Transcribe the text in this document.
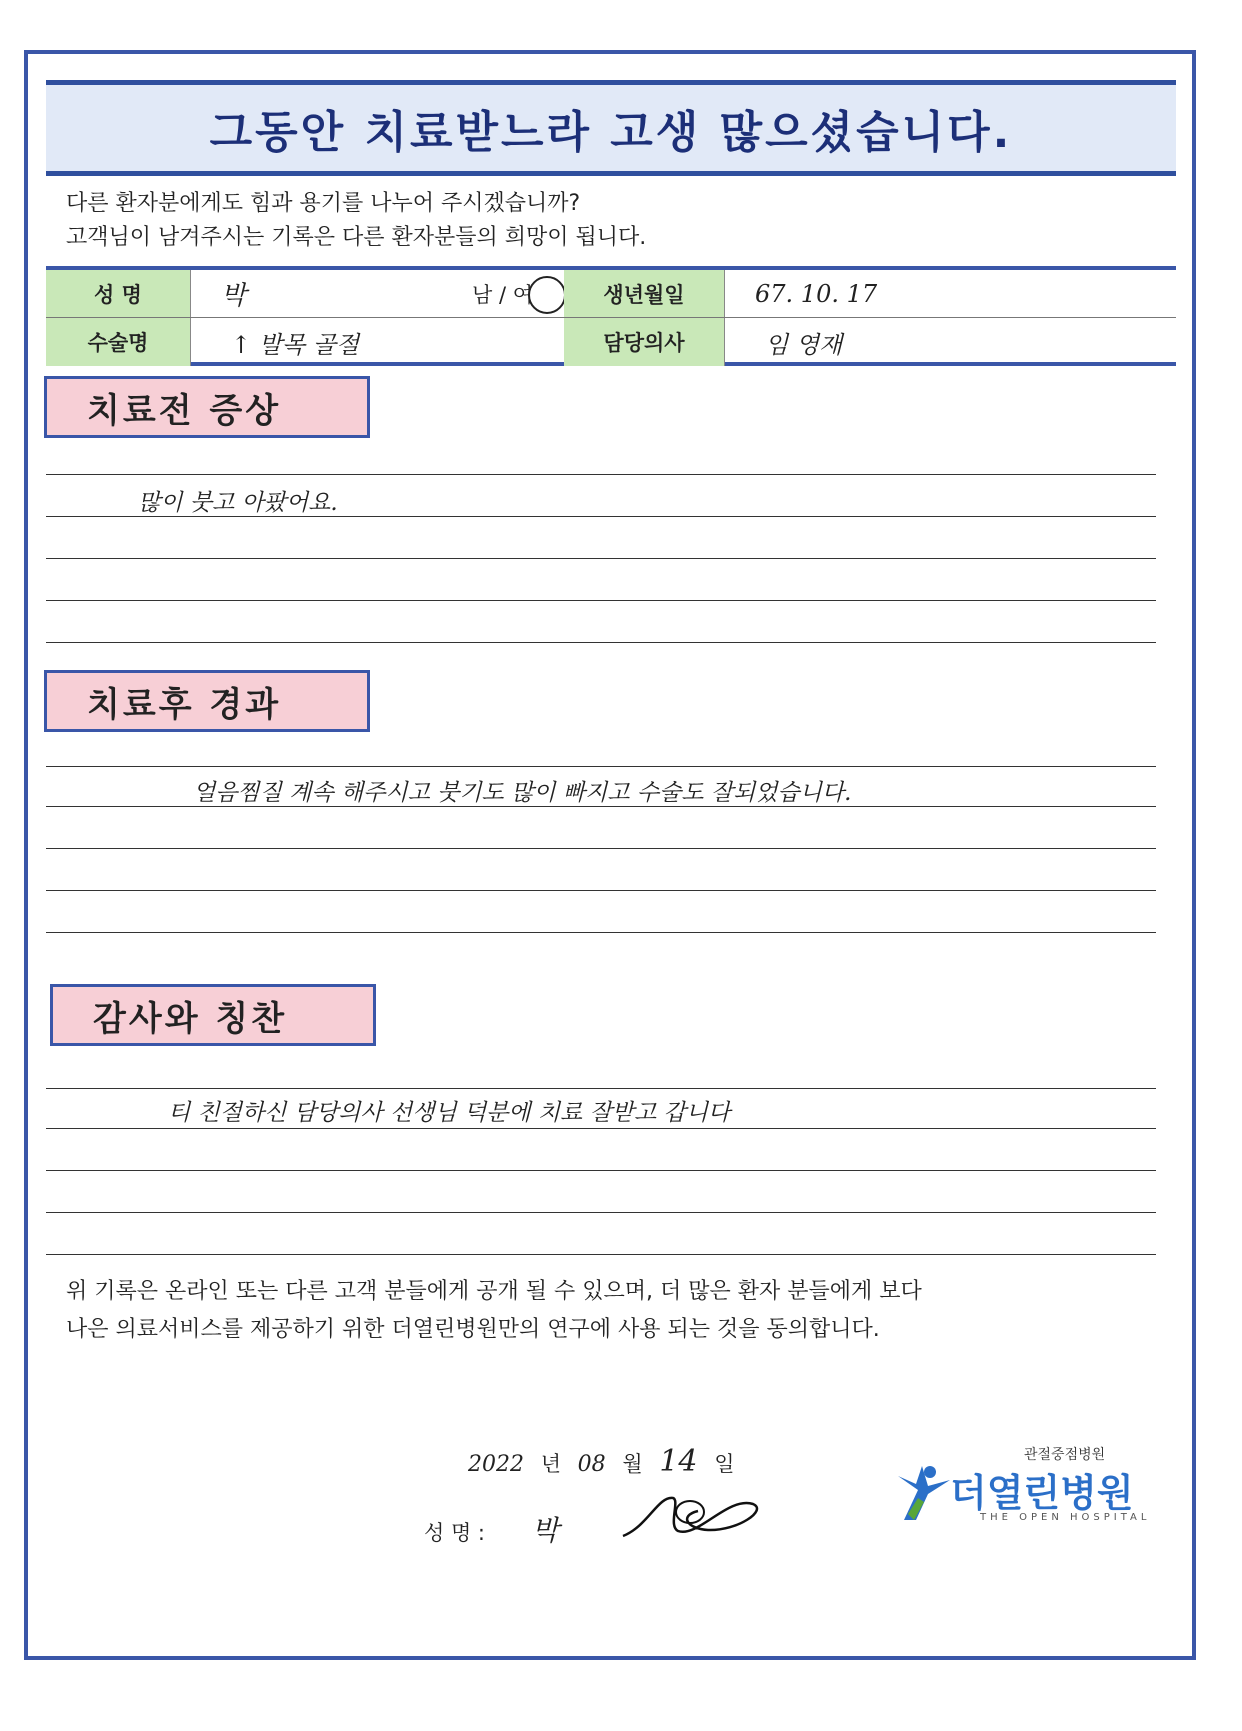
그동안 치료받느라 고생 많으셨습니다.
다른 환자분에게도 힘과 용기를 나누어 주시겠습니까?
고객님이 남겨주시는 기록은 다른 환자분들의 희망이 됩니다.
성 명	박	남 / 여	생년월일	67. 10. 17
수술명	↑ 발목 골절	담당의사	임 영재
치료전 증상
많이 붓고 아팠어요.
치료후 경과
얼음찜질 계속 해주시고 붓기도 많이 빠지고 수술도 잘되었습니다.
감사와 칭찬
티 친절하신 담당의사 선생님 덕분에 치료 잘받고 갑니다
위 기록은 온라인 또는 다른 고객 분들에게 공개 될 수 있으며, 더 많은 환자 분들에게 보다
나은 의료서비스를 제공하기 위한 더열린병원만의 연구에 사용 되는 것을 동의합니다.
2022 년 08 월 14 일
성 명 : 박
관절중점병원
더열린병원
THE OPEN HOSPITAL
